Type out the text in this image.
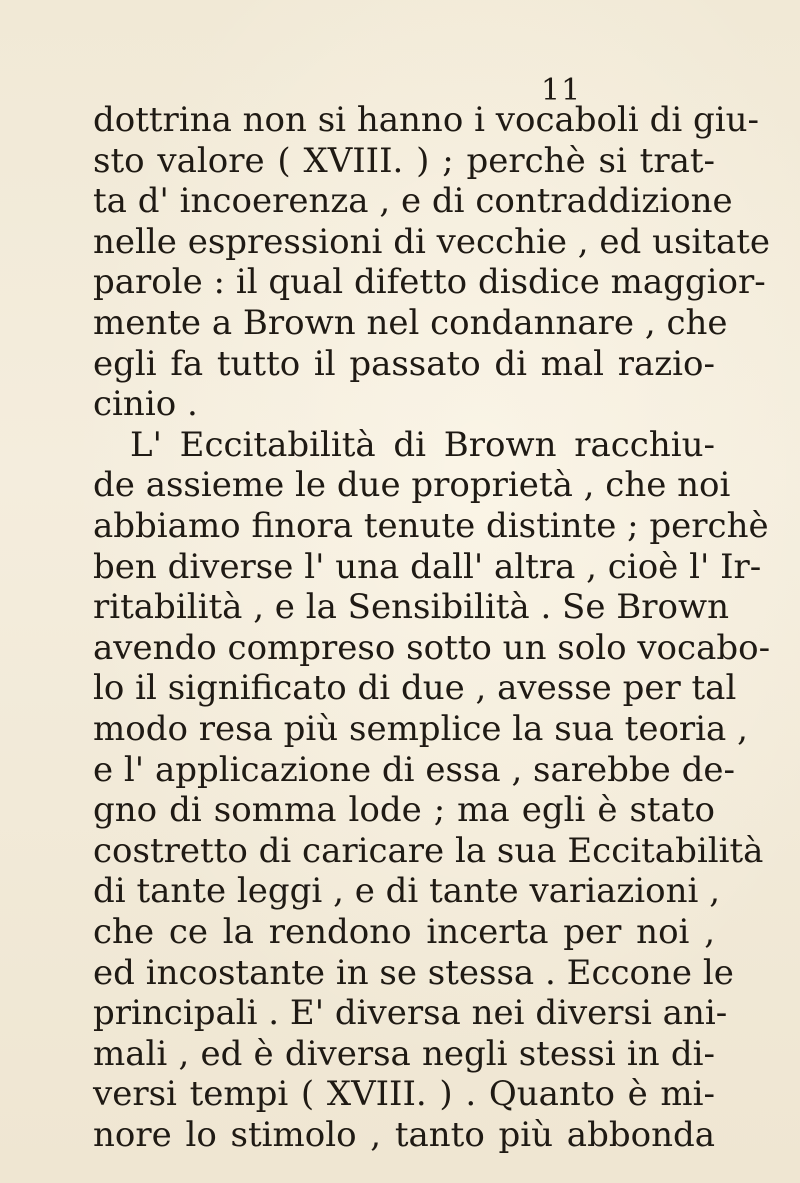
11
dottrina non si hanno i vocaboli di giu-
sto valore ( XVIII. ) ; perchè si trat-
ta d' incoerenza , e di contraddizione
nelle espressioni di vecchie , ed usitate
parole : il qual difetto disdice maggior-
mente a Brown nel condannare , che
egli fa tutto il passato di mal razio-
cinio .
L' Eccitabilità di Brown racchiu-
de assieme le due proprietà , che noi
abbiamo finora tenute distinte ; perchè
ben diverse l' una dall' altra , cioè l' Ir-
ritabilità , e la Sensibilità . Se Brown
avendo compreso sotto un solo vocabo-
lo il significato di due , avesse per tal
modo resa più semplice la sua teoria ,
e l' applicazione di essa , sarebbe de-
gno di somma lode ; ma egli è stato
costretto di caricare la sua Eccitabilità
di tante leggi , e di tante variazioni ,
che ce la rendono incerta per noi ,
ed incostante in se stessa . Eccone le
principali . E' diversa nei diversi ani-
mali , ed è diversa negli stessi in di-
versi tempi ( XVIII. ) . Quanto è mi-
nore lo stimolo , tanto più abbonda
